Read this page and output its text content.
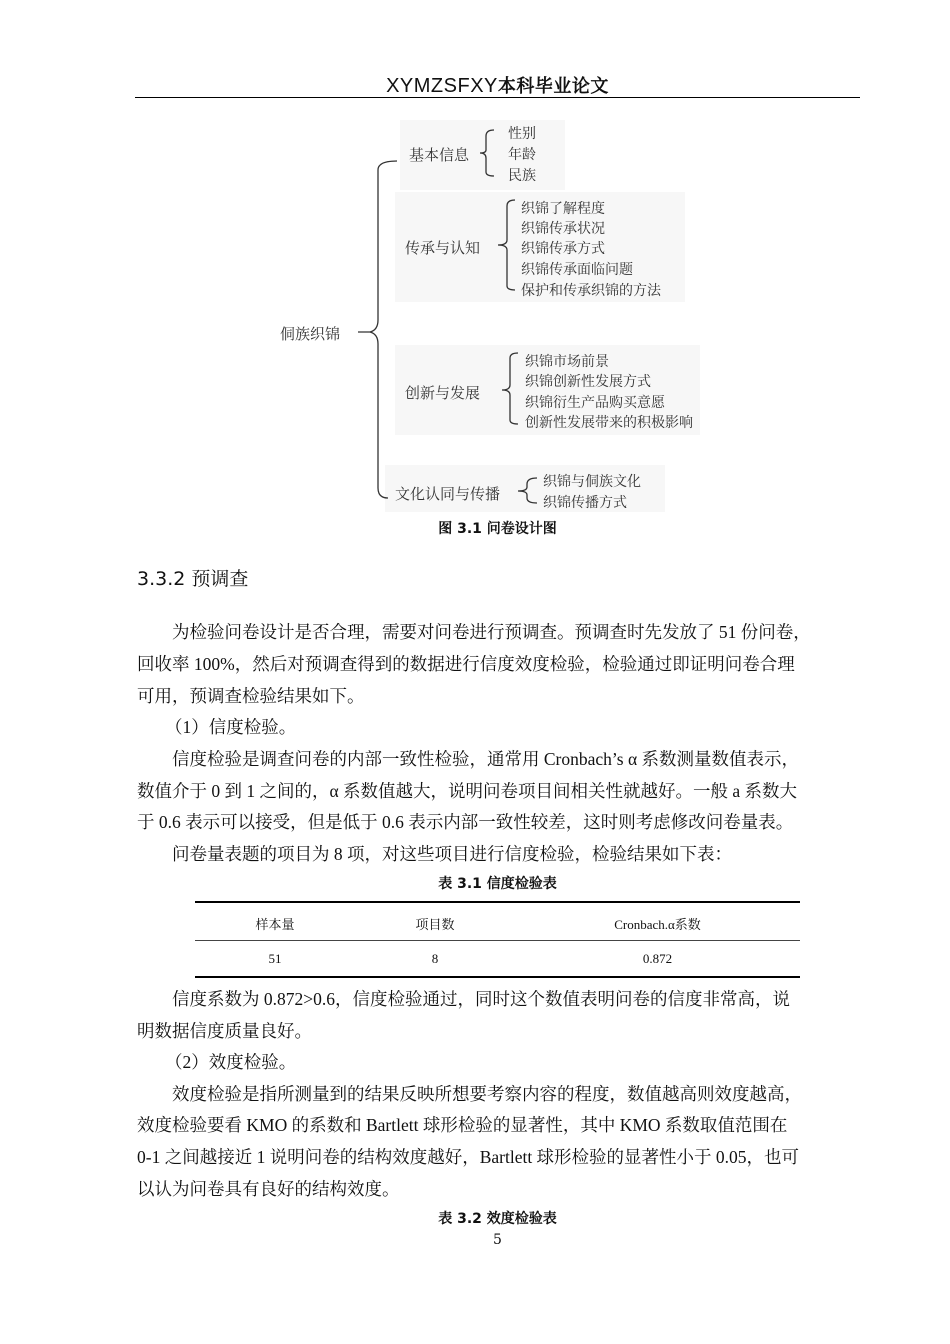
XYMZSFXY本科毕业论文
侗族织锦
基本信息
性别
年龄
民族
传承与认知
织锦了解程度
织锦传承状况
织锦传承方式
织锦传承面临问题
保护和传承织锦的方法
创新与发展
织锦市场前景
织锦创新性发展方式
织锦衍生产品购买意愿
创新性发展带来的积极影响
文化认同与传播
织锦与侗族文化
织锦传播方式
图 3.1 问卷设计图
3.3.2 预调查
为检验问卷设计是否合理，需要对问卷进行预调查。预调查时先发放了 51 份问卷，
回收率 100%，然后对预调查得到的数据进行信度效度检验，检验通过即证明问卷合理
可用，预调查检验结果如下。
（1）信度检验。
信度检验是调查问卷的内部一致性检验，通常用 Cronbach’s α 系数测量数值表示，
数值介于 0 到 1 之间的，α 系数值越大，说明问卷项目间相关性就越好。一般 a 系数大
于 0.6 表示可以接受，但是低于 0.6 表示内部一致性较差，这时则考虑修改问卷量表。
问卷量表题的项目为 8 项，对这些项目进行信度检验，检验结果如下表：
表 3.1 信度检验表
样本量	项目数	Cronbach.α系数
51	8	0.872
信度系数为 0.872>0.6，信度检验通过，同时这个数值表明问卷的信度非常高，说
明数据信度质量良好。
（2）效度检验。
效度检验是指所测量到的结果反映所想要考察内容的程度，数值越高则效度越高，
效度检验要看 KMO 的系数和 Bartlett 球形检验的显著性，其中 KMO 系数取值范围在
0-1 之间越接近 1 说明问卷的结构效度越好，Bartlett 球形检验的显著性小于 0.05，也可
以认为问卷具有良好的结构效度。
表 3.2 效度检验表
5
